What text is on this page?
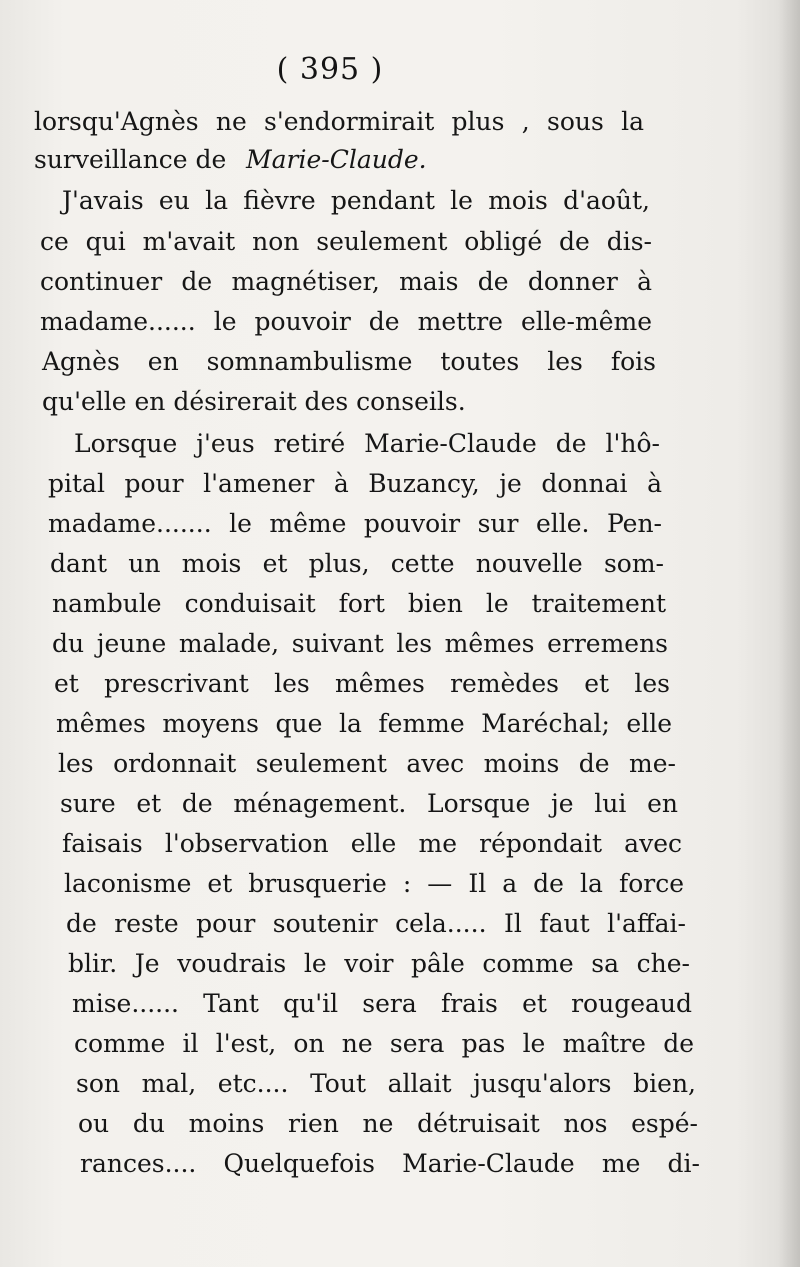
( 395 )
lorsqu'Agnès ne s'endormirait plus , sous la
surveillance de Marie-Claude.
J'avais eu la fièvre pendant le mois d'août,
ce qui m'avait non seulement obligé de dis-
continuer de magnétiser, mais de donner à
madame...... le pouvoir de mettre elle-même
Agnès en somnambulisme toutes les fois
qu'elle en désirerait des conseils.
Lorsque j'eus retiré Marie-Claude de l'hô-
pital pour l'amener à Buzancy, je donnai à
madame....... le même pouvoir sur elle. Pen-
dant un mois et plus, cette nouvelle som-
nambule conduisait fort bien le traitement
du jeune malade, suivant les mêmes erremens
et prescrivant les mêmes remèdes et les
mêmes moyens que la femme Maréchal; elle
les ordonnait seulement avec moins de me-
sure et de ménagement. Lorsque je lui en
faisais l'observation elle me répondait avec
laconisme et brusquerie : — Il a de la force
de reste pour soutenir cela..... Il faut l'affai-
blir. Je voudrais le voir pâle comme sa che-
mise...... Tant qu'il sera frais et rougeaud
comme il l'est, on ne sera pas le maître de
son mal, etc.... Tout allait jusqu'alors bien,
ou du moins rien ne détruisait nos espé-
rances.... Quelquefois Marie-Claude me di-
